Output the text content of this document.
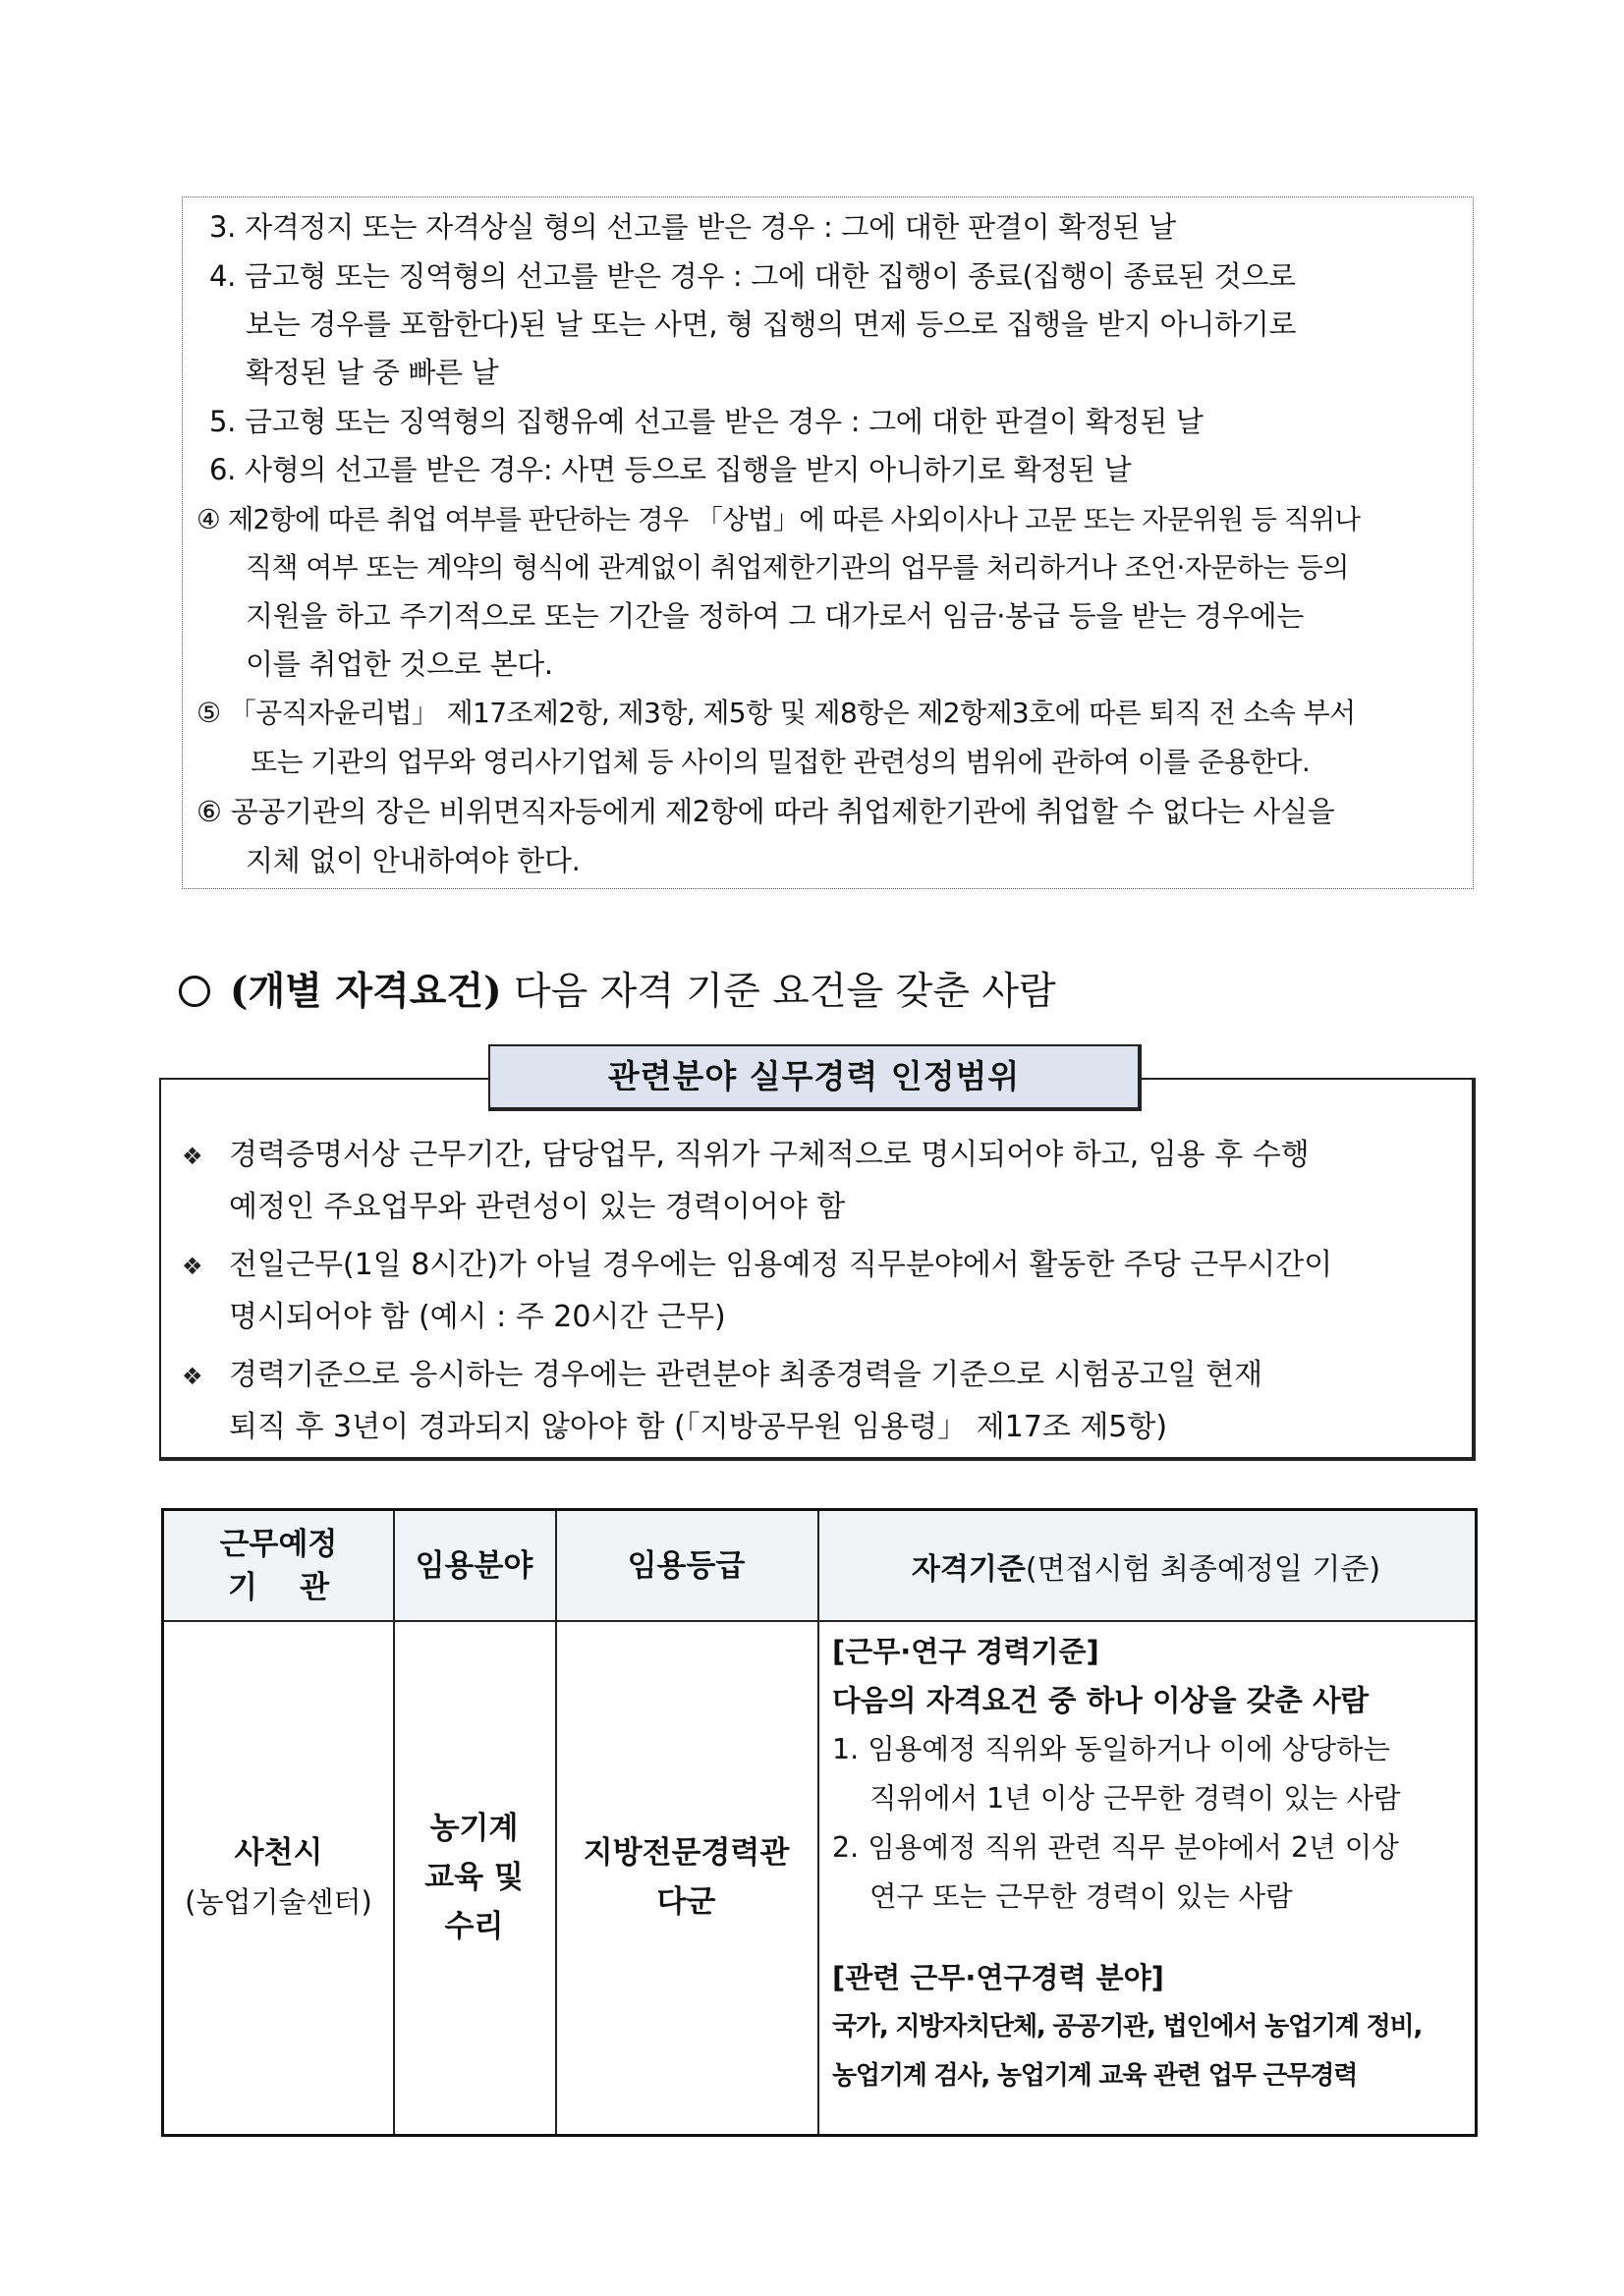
3. 자격정지 또는 자격상실 형의 선고를 받은 경우 : 그에 대한 판결이 확정된 날
4. 금고형 또는 징역형의 선고를 받은 경우 : 그에 대한 집행이 종료(집행이 종료된 것으로
보는 경우를 포함한다)된 날 또는 사면, 형 집행의 면제 등으로 집행을 받지 아니하기로
확정된 날 중 빠른 날
5. 금고형 또는 징역형의 집행유예 선고를 받은 경우 : 그에 대한 판결이 확정된 날
6. 사형의 선고를 받은 경우: 사면 등으로 집행을 받지 아니하기로 확정된 날
④ 제2항에 따른 취업 여부를 판단하는 경우 「상법」에 따른 사외이사나 고문 또는 자문위원 등 직위나
직책 여부 또는 계약의 형식에 관계없이 취업제한기관의 업무를 처리하거나 조언·자문하는 등의
지원을 하고 주기적으로 또는 기간을 정하여 그 대가로서 임금·봉급 등을 받는 경우에는
이를 취업한 것으로 본다.
⑤ 「공직자윤리법」 제17조제2항, 제3항, 제5항 및 제8항은 제2항제3호에 따른 퇴직 전 소속 부서
또는 기관의 업무와 영리사기업체 등 사이의 밀접한 관련성의 범위에 관하여 이를 준용한다.
⑥ 공공기관의 장은 비위면직자등에게 제2항에 따라 취업제한기관에 취업할 수 없다는 사실을
지체 없이 안내하여야 한다.
(개별 자격요건) 다음 자격 기준 요건을 갖춘 사람
관련분야 실무경력 인정범위
❖ 경력증명서상 근무기간, 담당업무, 직위가 구체적으로 명시되어야 하고, 임용 후 수행
예정인 주요업무와 관련성이 있는 경력이어야 함
❖ 전일근무(1일 8시간)가 아닐 경우에는 임용예정 직무분야에서 활동한 주당 근무시간이
명시되어야 함 (예시 : 주 20시간 근무)
❖ 경력기준으로 응시하는 경우에는 관련분야 최종경력을 기준으로 시험공고일 현재
퇴직 후 3년이 경과되지 않아야 함 (「지방공무원 임용령」 제17조 제5항)
근무예정
기    관
임용분야	임용등급	자격기준 (면접시험 최종예정일 기준)
사천시
(농업기술센터)
농기계
교육 및
수리
지방전문경력관
다군
[근무·연구 경력기준]
다음의 자격요건 중 하나 이상을 갖춘 사람
1. 임용예정 직위와 동일하거나 이에 상당하는
직위에서 1년 이상 근무한 경력이 있는 사람
2. 임용예정 직위 관련 직무 분야에서 2년 이상
연구 또는 근무한 경력이 있는 사람
[관련 근무·연구경력 분야]
국가, 지방자치단체, 공공기관, 법인에서 농업기계 정비,
농업기계 검사, 농업기계 교육 관련 업무 근무경력
